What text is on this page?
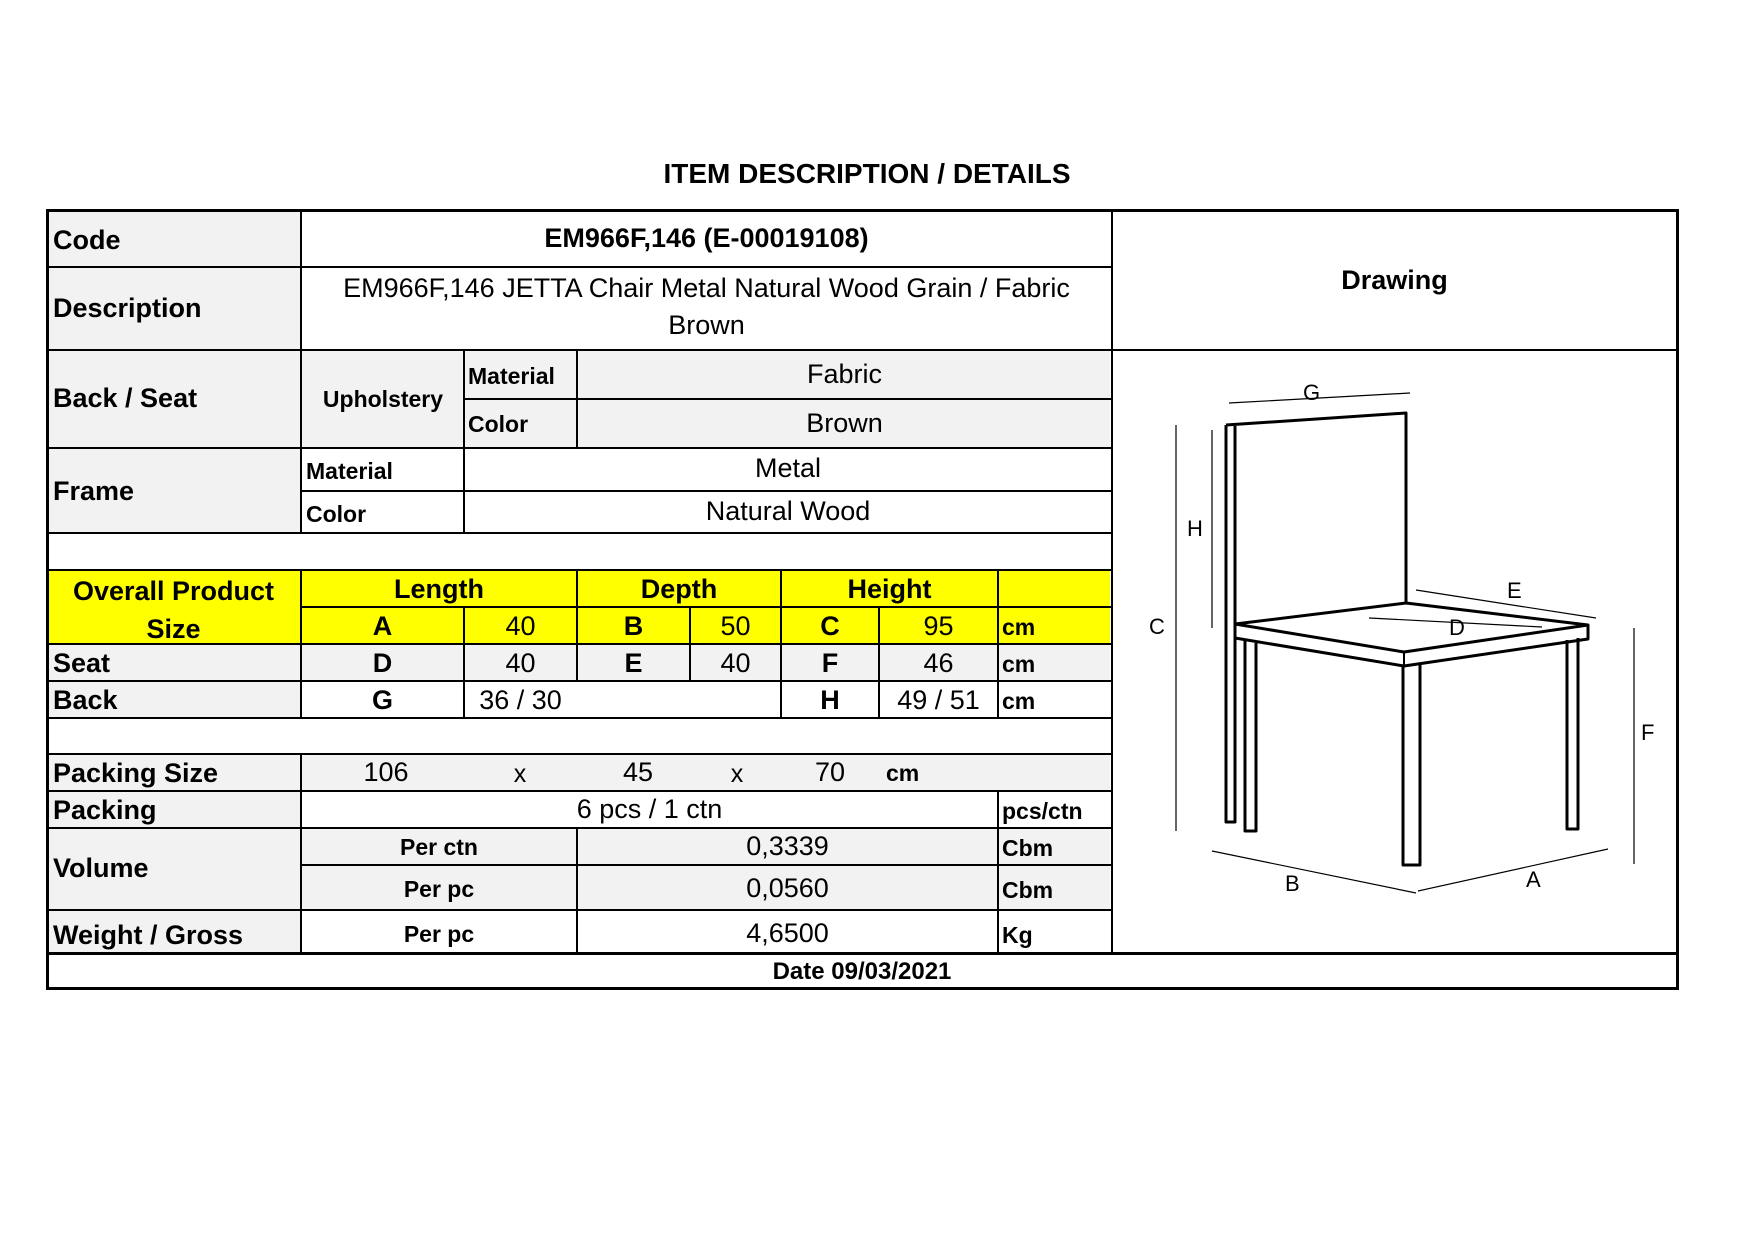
ITEM DESCRIPTION / DETAILS
Code	EM966F,146 (E-00019108)
Description
EM966F,146 JETTA Chair Metal Natural Wood Grain / Fabric
Brown
Drawing
Back / Seat	Upholstery
Material	Fabric
Color	Brown
Frame
Material	Metal
Color	Natural Wood
Overall Product
Size
Length	Depth	Height
A	40	B	50	C	95	cm
Seat	D	40	E	40	F	46	cm
Back	G	36 / 30	H	49 / 51 cm
Packing Size	106	x	45	x	70	cm
Packing	6 pcs / 1 ctn	pcs/ctn
Volume
Per ctn	0,3339	Cbm
Per pc	0,0560	Cbm
Weight / Gross	Per pc	4,6500	Kg
Date 09/03/2021
G
H
C
E
D
F
B	A
